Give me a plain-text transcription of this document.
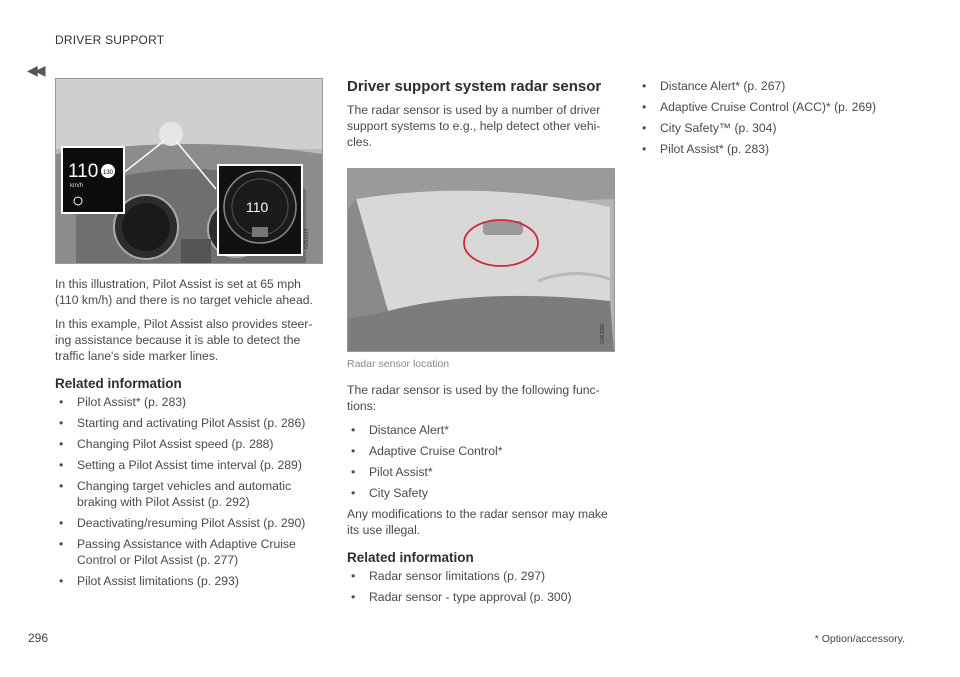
DRIVER SUPPORT
◀◀
110
km/h
130
110
G051019

In this illustration, Pilot Assist is set at 65 mph (110 km/h) and there is no target vehicle ahead.

In this example, Pilot Assist also provides steer-ing assistance because it is able to detect the traffic lane's side marker lines.

Related information
• Pilot Assist* (p. 283)
• Starting and activating Pilot Assist (p. 286)
• Changing Pilot Assist speed (p. 288)
• Setting a Pilot Assist time interval (p. 289)
• Changing target vehicles and automatic braking with Pilot Assist (p. 292)
• Deactivating/resuming Pilot Assist (p. 290)
• Passing Assistance with Adaptive Cruise Control or Pilot Assist (p. 277)
• Pilot Assist limitations (p. 293)
Driver support system radar sensor

The radar sensor is used by a number of driver support systems to e.g., help detect other vehi-cles.

G063382
Radar sensor location

The radar sensor is used by the following func-tions:

• Distance Alert*
• Adaptive Cruise Control*
• Pilot Assist*
• City Safety

Any modifications to the radar sensor may make its use illegal.

Related information
• Radar sensor limitations (p. 297)
• Radar sensor - type approval (p. 300)
• Distance Alert* (p. 267)
• Adaptive Cruise Control (ACC)* (p. 269)
• City Safety™ (p. 304)
• Pilot Assist* (p. 283)
296	* Option/accessory.
